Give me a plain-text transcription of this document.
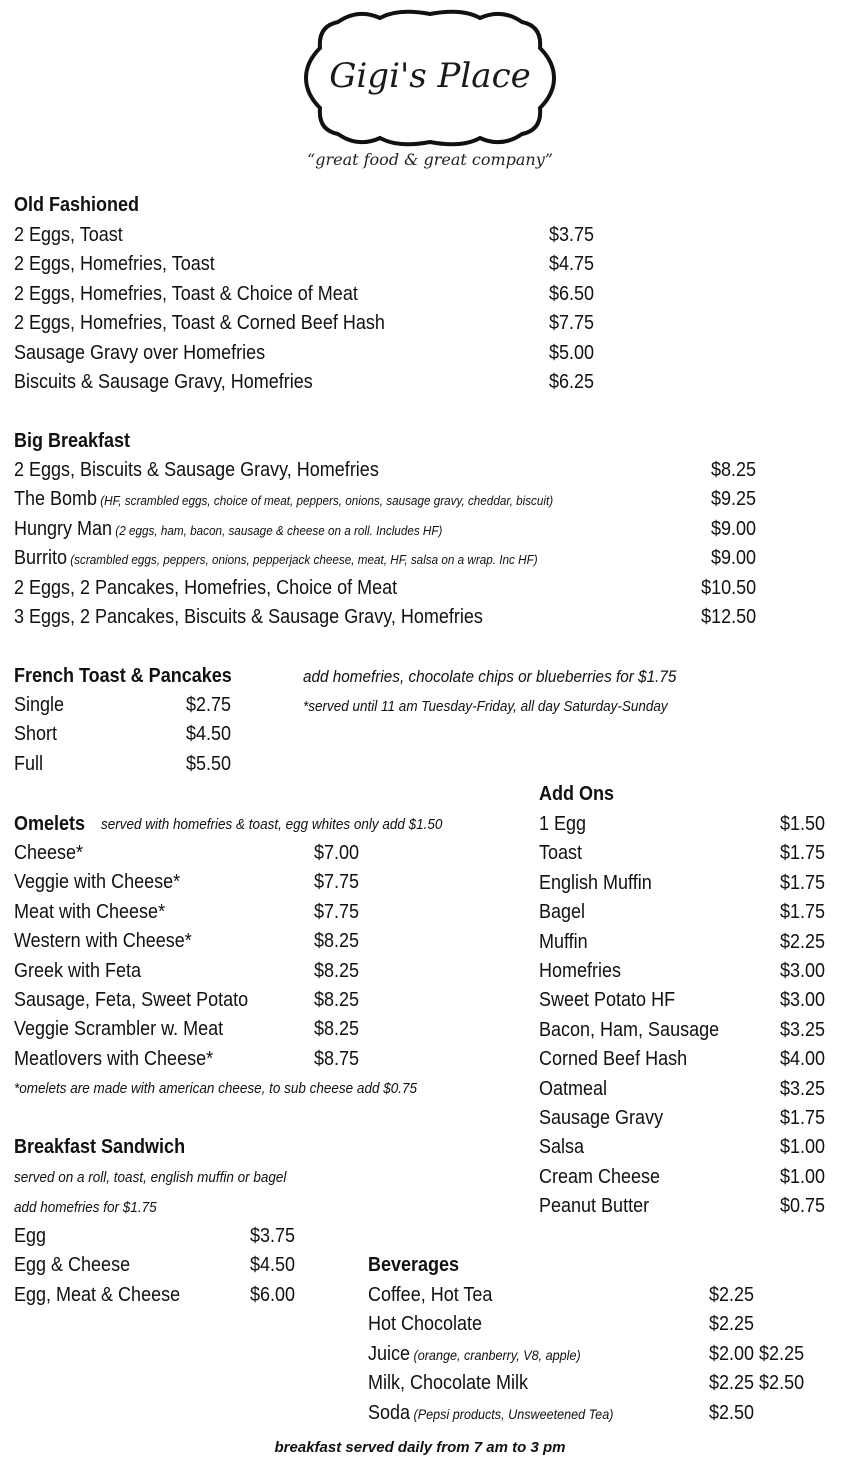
Gigi's Place
“great food & great company”
Old Fashioned
2 Eggs, Toast	$3.75
2 Eggs, Homefries, Toast	$4.75
2 Eggs, Homefries, Toast & Choice of Meat	$6.50
2 Eggs, Homefries, Toast & Corned Beef Hash	$7.75
Sausage Gravy over Homefries	$5.00
Biscuits & Sausage Gravy, Homefries	$6.25
Big Breakfast
2 Eggs, Biscuits & Sausage Gravy, Homefries	$8.25
The Bomb (HF, scrambled eggs, choice of meat, peppers, onions, sausage gravy, cheddar, biscuit)	$9.25
Hungry Man (2 eggs, ham, bacon, sausage & cheese on a roll. Includes HF)	$9.00
Burrito (scrambled eggs, peppers, onions, pepperjack cheese, meat, HF, salsa on a wrap. Inc HF)	$9.00
2 Eggs, 2 Pancakes, Homefries, Choice of Meat	$10.50
3 Eggs, 2 Pancakes, Biscuits & Sausage Gravy, Homefries	$12.50
French Toast & Pancakes	add homefries, chocolate chips or blueberries for $1.75
*served until 11 am Tuesday-Friday, all day Saturday-Sunday
Single	$2.75
Short	$4.50
Full	$5.50
Omelets served with homefries & toast, egg whites only add $1.50
Cheese*	$7.00
Veggie with Cheese*	$7.75
Meat with Cheese*	$7.75
Western with Cheese*	$8.25
Greek with Feta	$8.25
Sausage, Feta, Sweet Potato	$8.25
Veggie Scrambler w. Meat	$8.25
Meatlovers with Cheese*	$8.75
*omelets are made with american cheese, to sub cheese add $0.75
Add Ons
1 Egg	$1.50
Toast	$1.75
English Muffin	$1.75
Bagel	$1.75
Muffin	$2.25
Homefries	$3.00
Sweet Potato HF	$3.00
Bacon, Ham, Sausage	$3.25
Corned Beef Hash	$4.00
Oatmeal	$3.25
Sausage Gravy	$1.75
Salsa	$1.00
Cream Cheese	$1.00
Peanut Butter	$0.75
Breakfast Sandwich
served on a roll, toast, english muffin or bagel
add homefries for $1.75
Egg	$3.75
Egg & Cheese	$4.50
Egg, Meat & Cheese	$6.00
Beverages
Coffee, Hot Tea	$2.25
Hot Chocolate	$2.25
Juice (orange, cranberry, V8, apple)	$2.00 $2.25
Milk, Chocolate Milk	$2.25 $2.50
Soda (Pepsi products, Unsweetened Tea)	$2.50
breakfast served daily from 7 am to 3 pm
